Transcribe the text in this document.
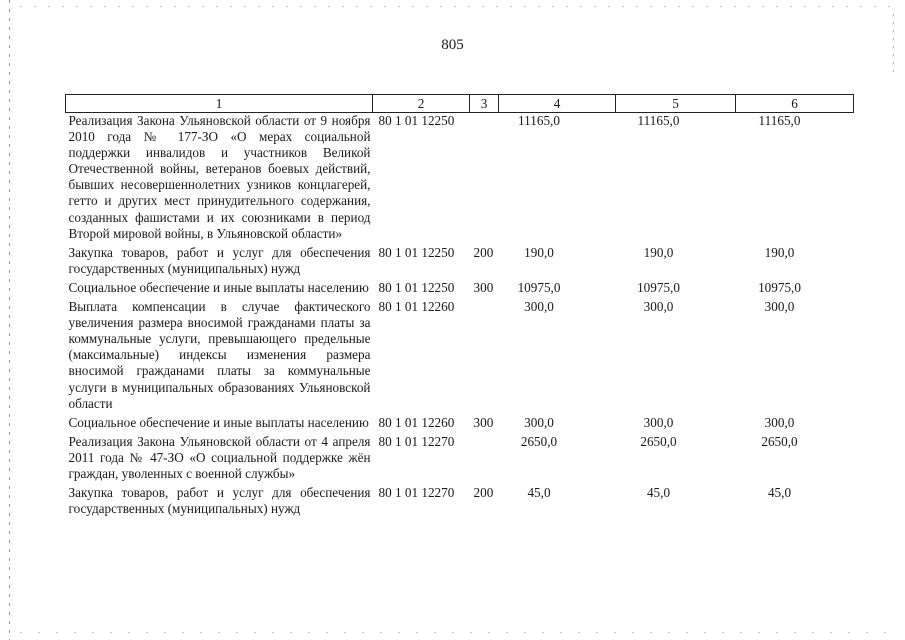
805
1	2	3	4	5	6
Реализация Закона Ульяновской области от 9 ноября 2010 года № 177-ЗО «О мерах социальной поддержки инвалидов и участников Великой Отечественной войны, ветеранов боевых действий, бывших несовершеннолетних узников концлагерей, гетто и других мест принудительного содержания, созданных фашистами и их союзниками в период Второй мировой войны, в Ульяновской области»	80 1 01 12250		11165,0	11165,0	11165,0
Закупка товаров, работ и услуг для обеспечения государственных (муниципальных) нужд	80 1 01 12250	200	190,0	190,0	190,0
Социальное обеспечение и иные выплаты населению	80 1 01 12250	300	10975,0	10975,0	10975,0
Выплата компенсации в случае фактического увеличения размера вносимой гражданами платы за коммунальные услуги, превышающего предельные (максимальные) индексы изменения размера вносимой гражданами платы за коммунальные услуги в муниципальных образованиях Ульяновской области	80 1 01 12260		300,0	300,0	300,0
Социальное обеспечение и иные выплаты населению	80 1 01 12260	300	300,0	300,0	300,0
Реализация Закона Ульяновской области от 4 апреля 2011 года № 47-ЗО «О социальной поддержке жён граждан, уволенных с военной службы»	80 1 01 12270		2650,0	2650,0	2650,0
Закупка товаров, работ и услуг для обеспечения государственных (муниципальных) нужд	80 1 01 12270	200	45,0	45,0	45,0
